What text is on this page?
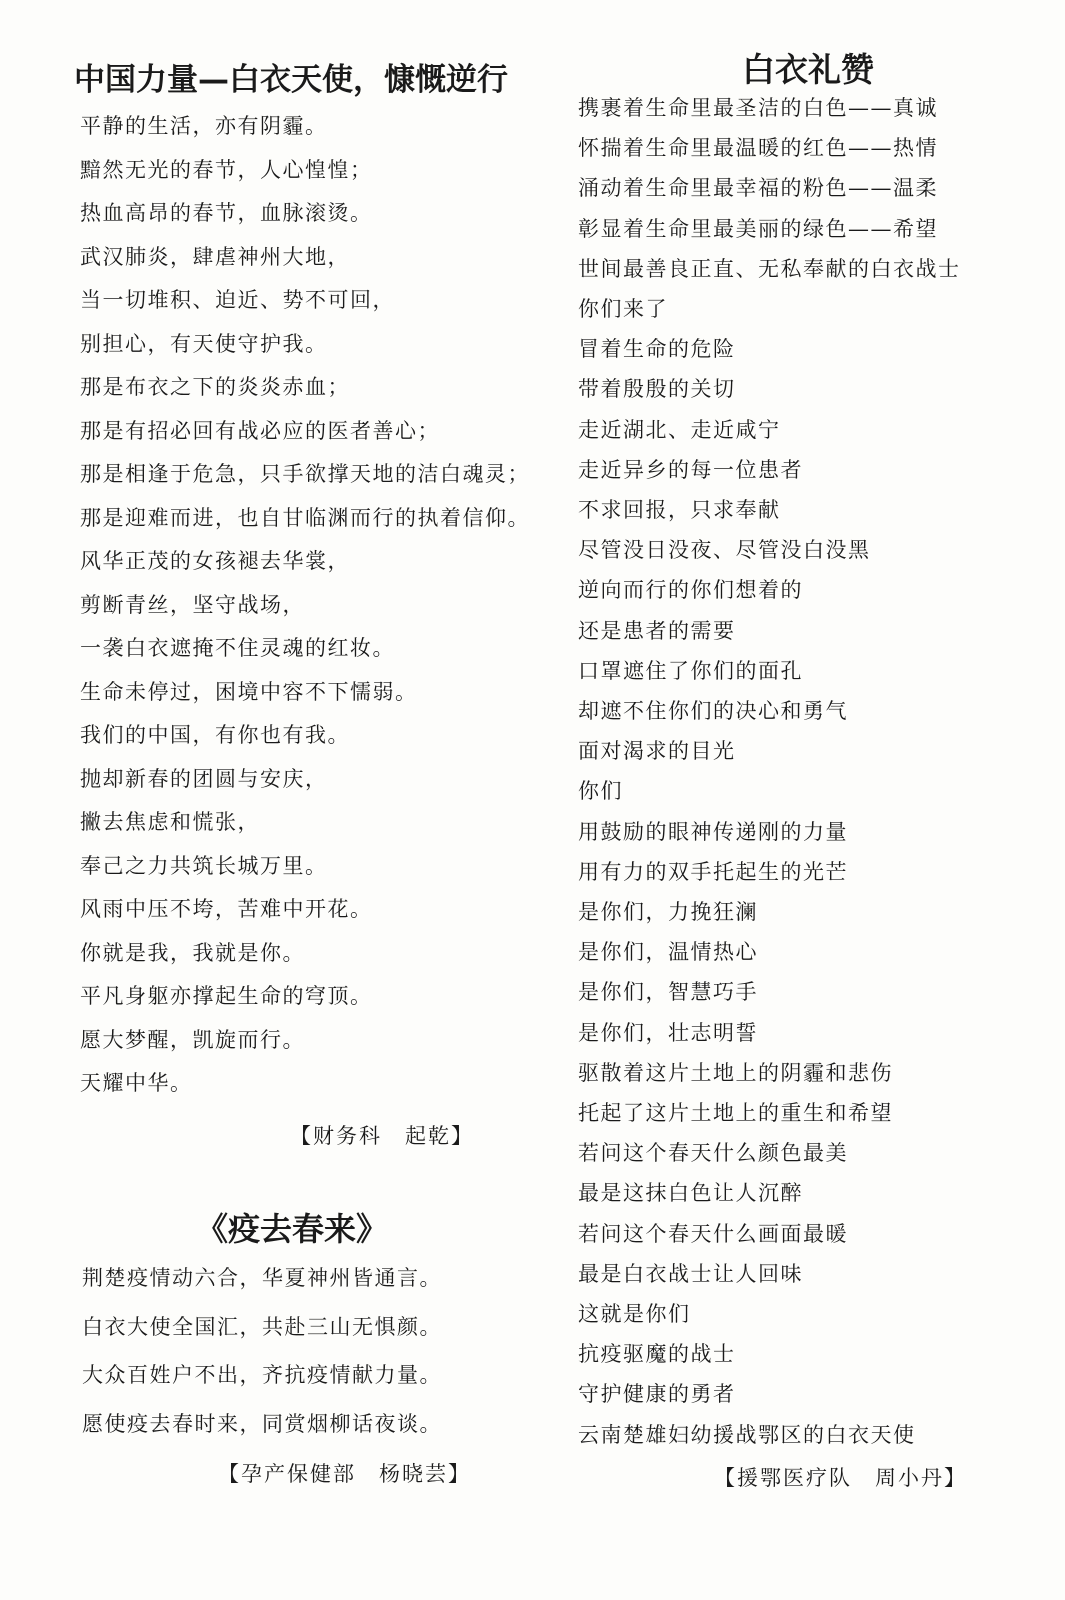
中国力量—白衣天使，慷慨逆行

平静的生活，亦有阴霾。

黯然无光的春节，人心惶惶；

热血高昂的春节，血脉滚烫。

武汉肺炎，肆虐神州大地，

当一切堆积、迫近、势不可回，

别担心，有天使守护我。

那是布衣之下的炎炎赤血；

那是有招必回有战必应的医者善心；

那是相逢于危急，只手欲撑天地的洁白魂灵；

那是迎难而进，也自甘临渊而行的执着信仰。

风华正茂的女孩褪去华裳，

剪断青丝，坚守战场，

一袭白衣遮掩不住灵魂的红妆。

生命未停过，困境中容不下懦弱。

我们的中国，有你也有我。

抛却新春的团圆与安庆，

撇去焦虑和慌张，

奉己之力共筑长城万里。

风雨中压不垮，苦难中开花。

你就是我，我就是你。

平凡身躯亦撑起生命的穹顶。

愿大梦醒，凯旋而行。

天耀中华。

【财务科　起乾】

《疫去春来》

荆楚疫情动六合，华夏神州皆通言。

白衣大使全国汇，共赴三山无惧颜。

大众百姓户不出，齐抗疫情献力量。

愿使疫去春时来，同赏烟柳话夜谈。

【孕产保健部　杨晓芸】

白衣礼赞

携裹着生命里最圣洁的白色——真诚

怀揣着生命里最温暖的红色——热情

涌动着生命里最幸福的粉色——温柔

彰显着生命里最美丽的绿色——希望

世间最善良正直、无私奉献的白衣战士

你们来了

冒着生命的危险

带着殷殷的关切

走近湖北、走近咸宁

走近异乡的每一位患者

不求回报，只求奉献

尽管没日没夜、尽管没白没黑

逆向而行的你们想着的

还是患者的需要

口罩遮住了你们的面孔

却遮不住你们的决心和勇气

面对渴求的目光

你们

用鼓励的眼神传递刚的力量

用有力的双手托起生的光芒

是你们，力挽狂澜

是你们，温情热心

是你们，智慧巧手

是你们，壮志明誓

驱散着这片土地上的阴霾和悲伤

托起了这片土地上的重生和希望

若问这个春天什么颜色最美

最是这抹白色让人沉醉

若问这个春天什么画面最暖

最是白衣战士让人回味

这就是你们

抗疫驱魔的战士

守护健康的勇者

云南楚雄妇幼援战鄂区的白衣天使

【援鄂医疗队　周小丹】
